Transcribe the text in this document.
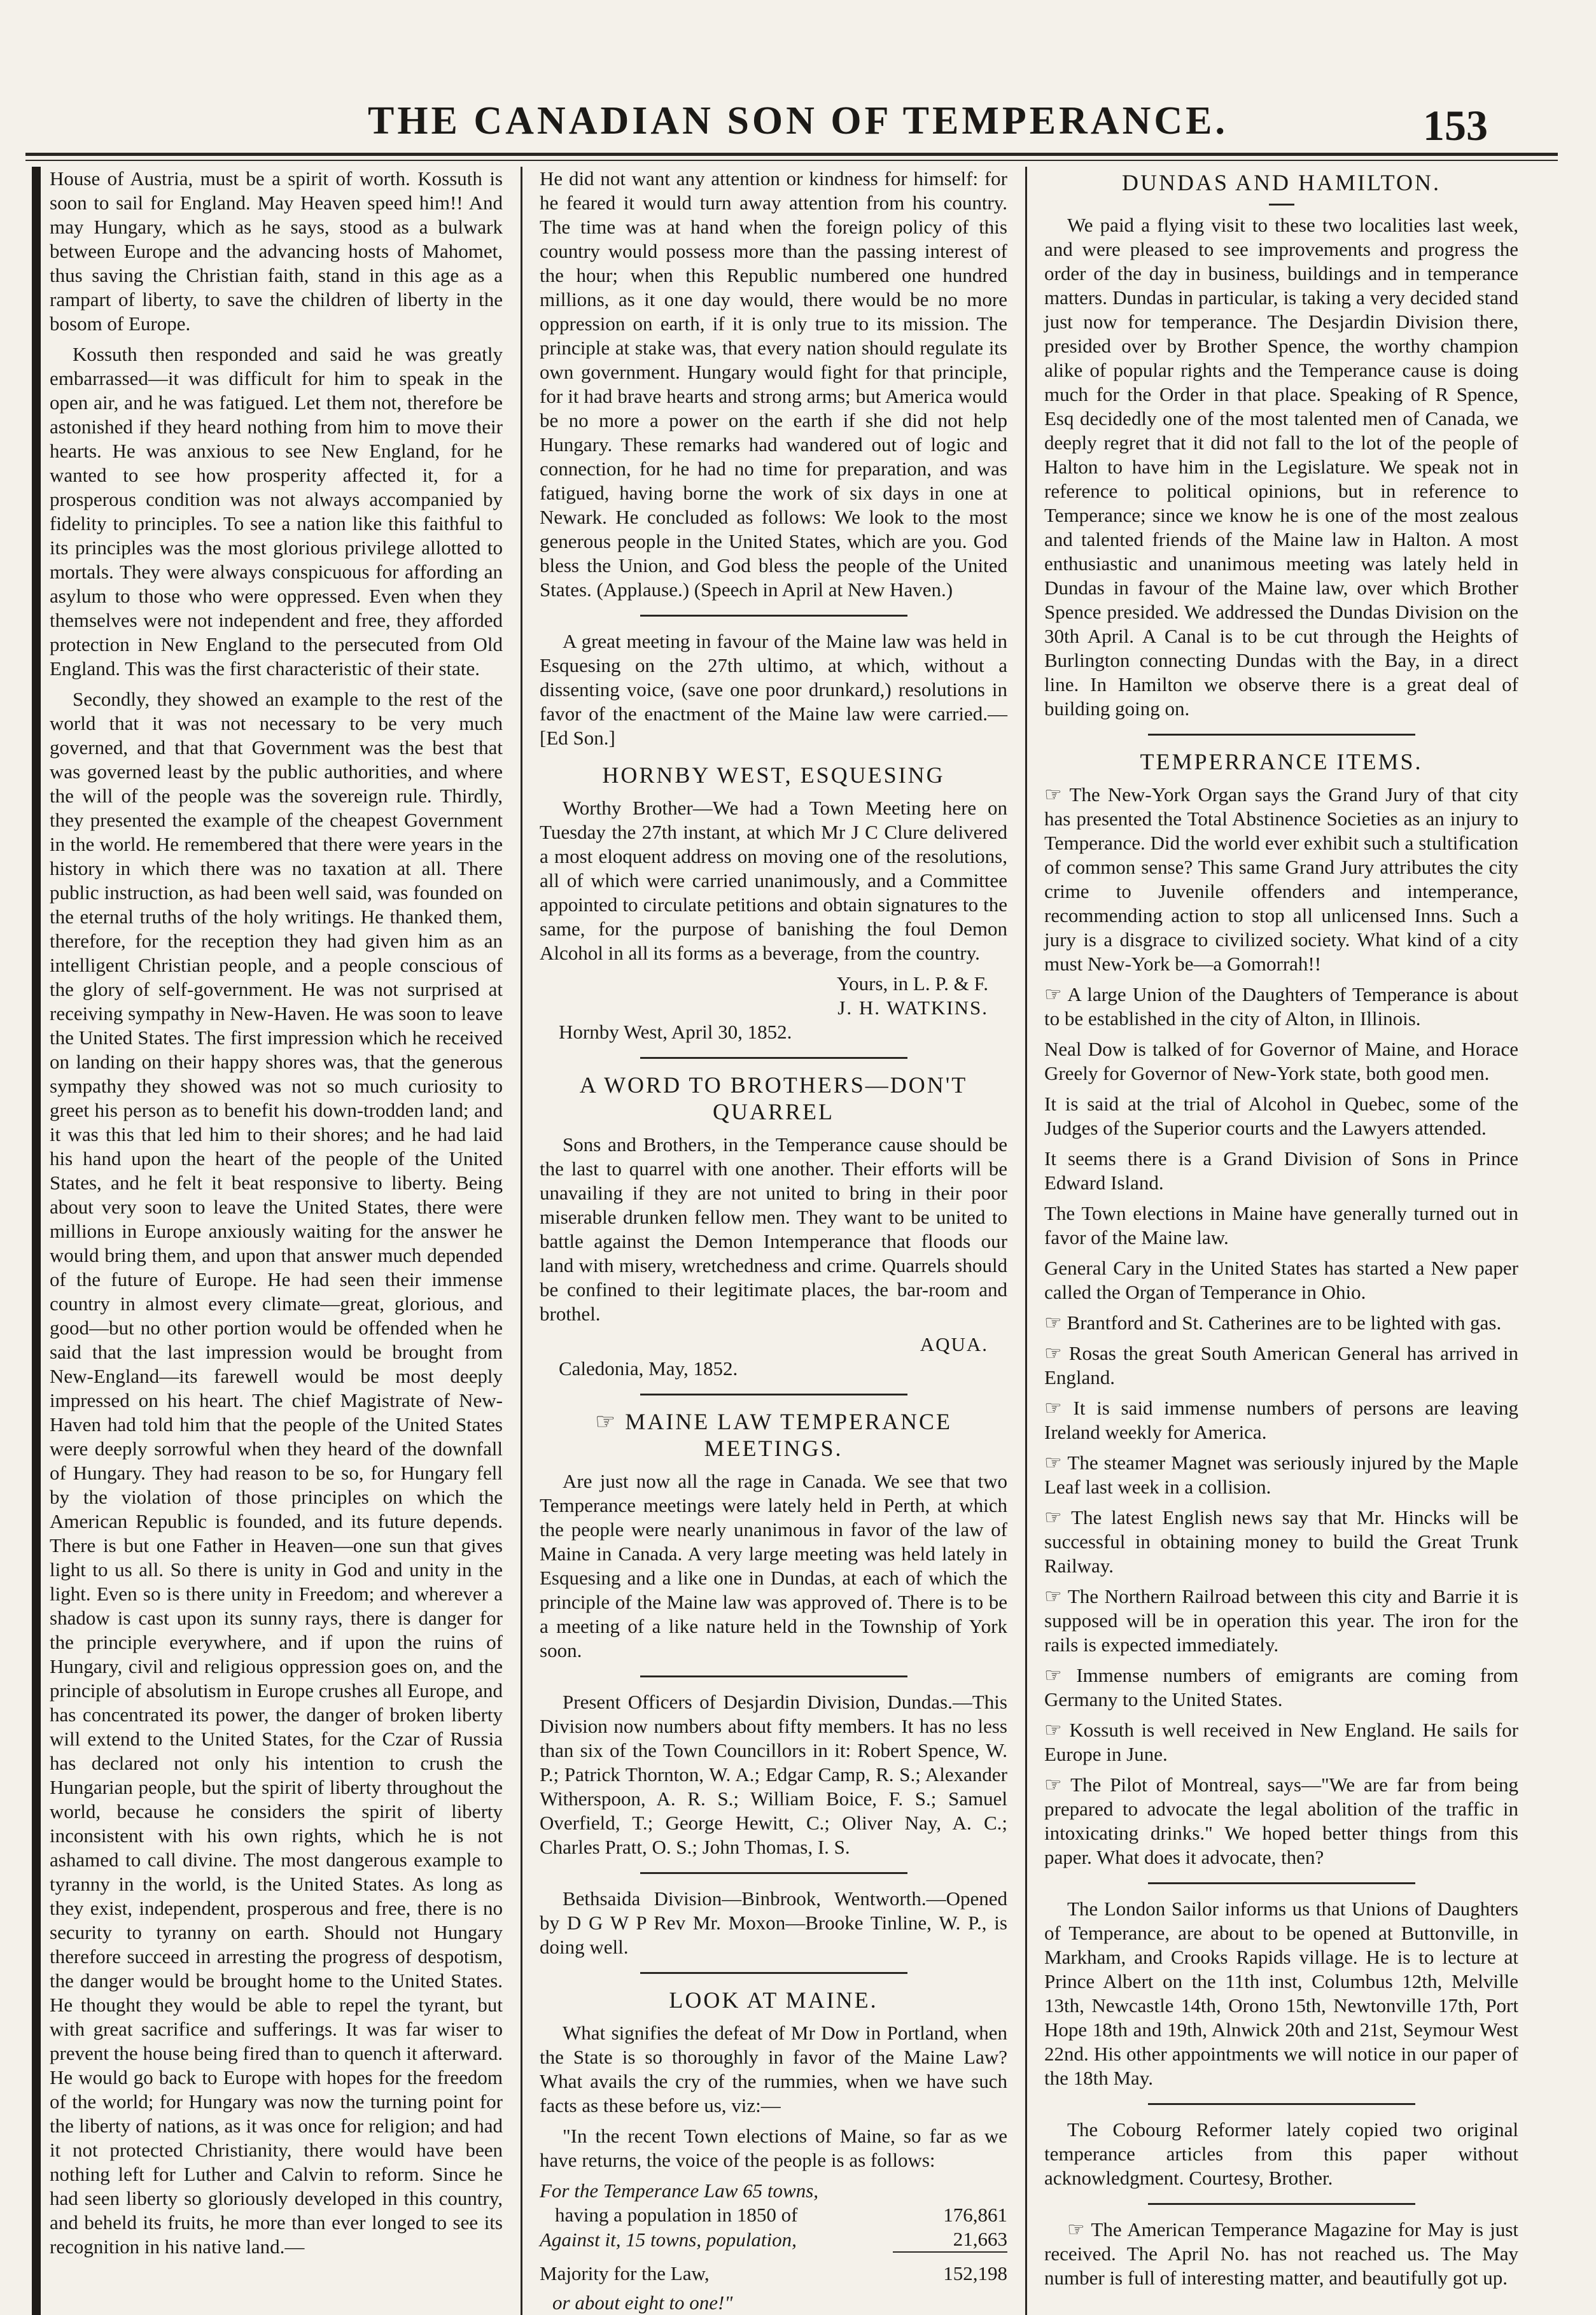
THE CANADIAN SON OF TEMPERANCE.	153

House of Austria, must be a spirit of worth. Kossuth is soon to sail for England. May Heaven speed him!! And may Hungary, which as he says, stood as a bulwark between Europe and the advancing hosts of Mahomet, thus saving the Christian faith, stand in this age as a rampart of liberty, to save the children of liberty in the bosom of Europe.

Kossuth then responded and said he was greatly embarrassed—it was difficult for him to speak in the open air, and he was fatigued. Let them not, therefore be astonished if they heard nothing from him to move their hearts. He was anxious to see New England, for he wanted to see how prosperity affected it, for a prosperous condition was not always accompanied by fidelity to principles. To see a nation like this faithful to its principles was the most glorious privilege allotted to mortals. They were always conspicuous for affording an asylum to those who were oppressed. Even when they themselves were not independent and free, they afforded protection in New England to the persecuted from Old England. This was the first characteristic of their state.

Secondly, they showed an example to the rest of the world that it was not necessary to be very much governed, and that that Government was the best that was governed least by the public authorities, and where the will of the people was the sovereign rule. Thirdly, they presented the example of the cheapest Government in the world. He remembered that there were years in the history in which there was no taxation at all. There public instruction, as had been well said, was founded on the eternal truths of the holy writings. He thanked them, therefore, for the reception they had given him as an intelligent Christian people, and a people conscious of the glory of self-government. He was not surprised at receiving sympathy in New-Haven. He was soon to leave the United States. The first impression which he received on landing on their happy shores was, that the generous sympathy they showed was not so much curiosity to greet his person as to benefit his down-trodden land; and it was this that led him to their shores; and he had laid his hand upon the heart of the people of the United States, and he felt it beat responsive to liberty. Being about very soon to leave the United States, there were millions in Europe anxiously waiting for the answer he would bring them, and upon that answer much depended of the future of Europe. He had seen their immense country in almost every climate—great, glorious, and good—but no other portion would be offended when he said that the last impression would be brought from New-England—its farewell would be most deeply impressed on his heart. The chief Magistrate of New-Haven had told him that the people of the United States were deeply sorrowful when they heard of the downfall of Hungary. They had reason to be so, for Hungary fell by the violation of those principles on which the American Republic is founded, and its future depends. There is but one Father in Heaven—one sun that gives light to us all. So there is unity in God and unity in the light. Even so is there unity in Freedom; and wherever a shadow is cast upon its sunny rays, there is danger for the principle everywhere, and if upon the ruins of Hungary, civil and religious oppression goes on, and the principle of absolutism in Europe crushes all Europe, and has concentrated its power, the danger of broken liberty will extend to the United States, for the Czar of Russia has declared not only his intention to crush the Hungarian people, but the spirit of liberty throughout the world, because he considers the spirit of liberty inconsistent with his own rights, which he is not ashamed to call divine. The most dangerous example to tyranny in the world, is the United States. As long as they exist, independent, prosperous and free, there is no security to tyranny on earth. Should not Hungary therefore succeed in arresting the progress of despotism, the danger would be brought home to the United States. He thought they would be able to repel the tyrant, but with great sacrifice and sufferings. It was far wiser to prevent the house being fired than to quench it afterward. He would go back to Europe with hopes for the freedom of the world; for Hungary was now the turning point for the liberty of nations, as it was once for religion; and had it not protected Christianity, there would have been nothing left for Luther and Calvin to reform. Since he had seen liberty so gloriously developed in this country, and beheld its fruits, he more than ever longed to see its recognition in his native land.—

He did not want any attention or kindness for himself: for he feared it would turn away attention from his country. The time was at hand when the foreign policy of this country would possess more than the passing interest of the hour; when this Republic numbered one hundred millions, as it one day would, there would be no more oppression on earth, if it is only true to its mission. The principle at stake was, that every nation should regulate its own government. Hungary would fight for that principle, for it had brave hearts and strong arms; but America would be no more a power on the earth if she did not help Hungary. These remarks had wandered out of logic and connection, for he had no time for preparation, and was fatigued, having borne the work of six days in one at Newark. He concluded as follows: We look to the most generous people in the United States, which are you. God bless the Union, and God bless the people of the United States. (Applause.) (Speech in April at New Haven.)

A great meeting in favour of the Maine law was held in Esquesing on the 27th ultimo, at which, without a dissenting voice, (save one poor drunkard,) resolutions in favor of the enactment of the Maine law were carried.—[Ed Son.]

HORNBY WEST, ESQUESING

Worthy Brother—We had a Town Meeting here on Tuesday the 27th instant, at which Mr J C Clure delivered a most eloquent address on moving one of the resolutions, all of which were carried unanimously, and a Committee appointed to circulate petitions and obtain signatures to the same, for the purpose of banishing the foul Demon Alcohol in all its forms as a beverage, from the country.

Yours, in L. P. & F.
J. H. WATKINS.
Hornby West, April 30, 1852.
A WORD TO BROTHERS—DON'T QUARREL

Sons and Brothers, in the Temperance cause should be the last to quarrel with one another. Their efforts will be unavailing if they are not united to bring in their poor miserable drunken fellow men. They want to be united to battle against the Demon Intemperance that floods our land with misery, wretchedness and crime. Quarrels should be confined to their legitimate places, the bar-room and brothel.

AQUA.
Caledonia, May, 1852.
☞ MAINE LAW TEMPERANCE MEETINGS.

Are just now all the rage in Canada. We see that two Temperance meetings were lately held in Perth, at which the people were nearly unanimous in favor of the law of Maine in Canada. A very large meeting was held lately in Esquesing and a like one in Dundas, at each of which the principle of the Maine law was approved of. There is to be a meeting of a like nature held in the Township of York soon.

Present Officers of Desjardin Division, Dundas.—This Division now numbers about fifty members. It has no less than six of the Town Councillors in it: Robert Spence, W. P.; Patrick Thornton, W. A.; Edgar Camp, R. S.; Alexander Witherspoon, A. R. S.; William Boice, F. S.; Samuel Overfield, T.; George Hewitt, C.; Oliver Nay, A. C.; Charles Pratt, O. S.; John Thomas, I. S.

Bethsaida Division—Binbrook, Wentworth.—Opened by D G W P Rev Mr. Moxon—Brooke Tinline, W. P., is doing well.

LOOK AT MAINE.

What signifies the defeat of Mr Dow in Portland, when the State is so thoroughly in favor of the Maine Law? What avails the cry of the rummies, when we have such facts as these before us, viz:—

"In the recent Town elections of Maine, so far as we have returns, the voice of the people is as follows:

For the Temperance Law 65 towns,	
having a population in 1850 of	176,861
Against it, 15 towns, population,	21,663
Majority for the Law,	152,198
or about eight to one!"
DUNDAS AND HAMILTON.

We paid a flying visit to these two localities last week, and were pleased to see improvements and progress the order of the day in business, buildings and in temperance matters. Dundas in particular, is taking a very decided stand just now for temperance. The Desjardin Division there, presided over by Brother Spence, the worthy champion alike of popular rights and the Temperance cause is doing much for the Order in that place. Speaking of R Spence, Esq decidedly one of the most talented men of Canada, we deeply regret that it did not fall to the lot of the people of Halton to have him in the Legislature. We speak not in reference to political opinions, but in reference to Temperance; since we know he is one of the most zealous and talented friends of the Maine law in Halton. A most enthusiastic and unanimous meeting was lately held in Dundas in favour of the Maine law, over which Brother Spence presided. We addressed the Dundas Division on the 30th April. A Canal is to be cut through the Heights of Burlington connecting Dundas with the Bay, in a direct line. In Hamilton we observe there is a great deal of building going on.

TEMPERRANCE ITEMS.
☞ The New-York Organ says the Grand Jury of that city has presented the Total Abstinence Societies as an injury to Temperance. Did the world ever exhibit such a stultification of common sense? This same Grand Jury attributes the city crime to Juvenile offenders and intemperance, recommending action to stop all unlicensed Inns. Such a jury is a disgrace to civilized society. What kind of a city must New-York be—a Gomorrah!!
☞ A large Union of the Daughters of Temperance is about to be established in the city of Alton, in Illinois.
Neal Dow is talked of for Governor of Maine, and Horace Greely for Governor of New-York state, both good men.
It is said at the trial of Alcohol in Quebec, some of the Judges of the Superior courts and the Lawyers attended.
It seems there is a Grand Division of Sons in Prince Edward Island.
The Town elections in Maine have generally turned out in favor of the Maine law.
General Cary in the United States has started a New paper called the Organ of Temperance in Ohio.
☞ Brantford and St. Catherines are to be lighted with gas.
☞ Rosas the great South American General has arrived in England.
☞ It is said immense numbers of persons are leaving Ireland weekly for America.
☞ The steamer Magnet was seriously injured by the Maple Leaf last week in a collision.
☞ The latest English news say that Mr. Hincks will be successful in obtaining money to build the Great Trunk Railway.
☞ The Northern Railroad between this city and Barrie it is supposed will be in operation this year. The iron for the rails is expected immediately.
☞ Immense numbers of emigrants are coming from Germany to the United States.
☞ Kossuth is well received in New England. He sails for Europe in June.
☞ The Pilot of Montreal, says—"We are far from being prepared to advocate the legal abolition of the traffic in intoxicating drinks." We hoped better things from this paper. What does it advocate, then?

The London Sailor informs us that Unions of Daughters of Temperance, are about to be opened at Buttonville, in Markham, and Crooks Rapids village. He is to lecture at Prince Albert on the 11th inst, Columbus 12th, Melville 13th, Newcastle 14th, Orono 15th, Newtonville 17th, Port Hope 18th and 19th, Alnwick 20th and 21st, Seymour West 22nd. His other appointments we will notice in our paper of the 18th May.

The Cobourg Reformer lately copied two original temperance articles from this paper without acknowledgment. Courtesy, Brother.

☞ The American Temperance Magazine for May is just received. The April No. has not reached us. The May number is full of interesting matter, and beautifully got up.
